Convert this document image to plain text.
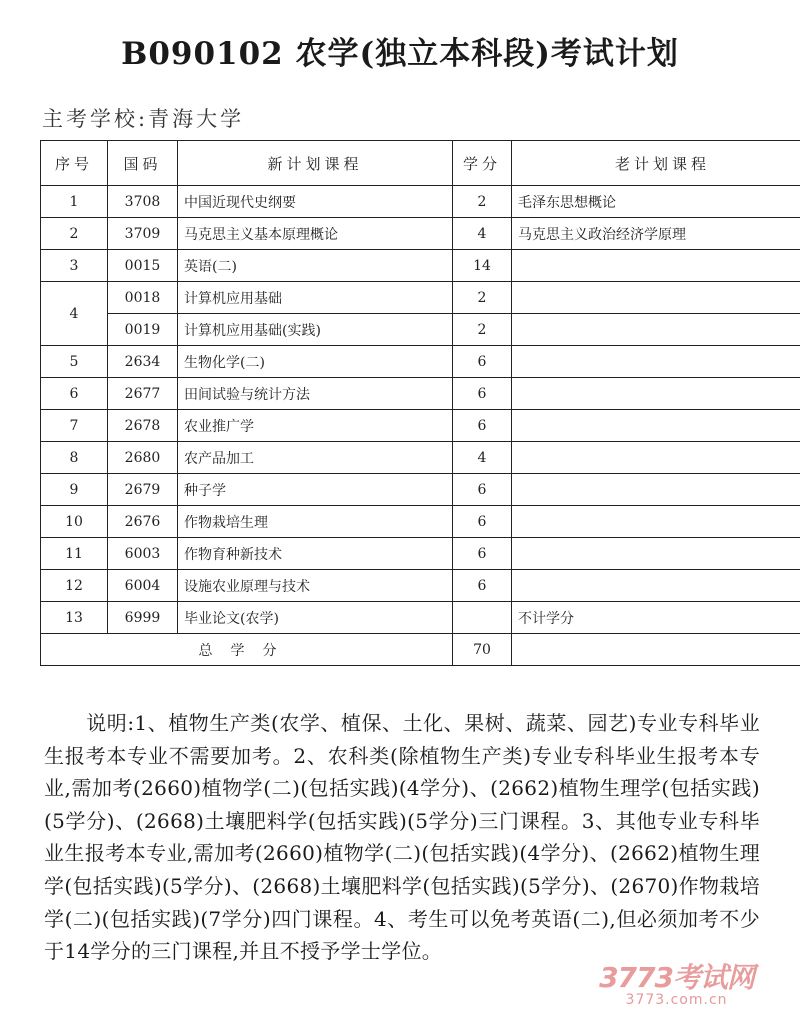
B090102 农学(独立本科段)考试计划
主考学校:青海大学
序号	国码	新计划课程	学分	老计划课程
1	3708	中国近现代史纲要	2	毛泽东思想概论
2	3709	马克思主义基本原理概论	4	马克思主义政治经济学原理
3	0015	英语(二)	14	
4	0018	计算机应用基础	2	
	0019	计算机应用基础(实践)	2	
5	2634	生物化学(二)	6	
6	2677	田间试验与统计方法	6	
7	2678	农业推广学	6	
8	2680	农产品加工	4	
9	2679	种子学	6	
10	2676	作物栽培生理	6	
11	6003	作物育种新技术	6	
12	6004	设施农业原理与技术	6	
13	6999	毕业论文(农学)		不计学分
总学分			70	
说明:1、植物生产类(农学、植保、土化、果树、蔬菜、园艺)专业专科毕业生报考本专业不需要加考。2、农科类(除植物生产类)专业专科毕业生报考本专业,需加考(2660)植物学(二)(包括实践)(4学分)、(2662)植物生理学(包括实践)(5学分)、(2668)土壤肥料学(包括实践)(5学分)三门课程。3、其他专业专科毕业生报考本专业,需加考(2660)植物学(二)(包括实践)(4学分)、(2662)植物生理学(包括实践)(5学分)、(2668)土壤肥料学(包括实践)(5学分)、(2670)作物栽培学(二)(包括实践)(7学分)四门课程。4、考生可以免考英语(二),但必须加考不少于14学分的三门课程,并且不授予学士学位。
3773考试网
3773.com.cn
